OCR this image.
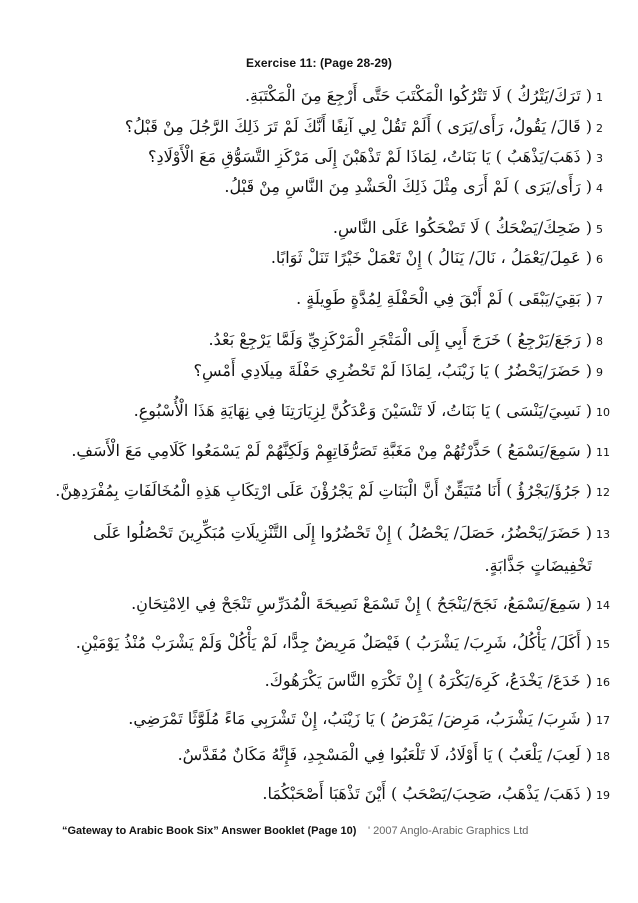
Exercise 11: (Page 28-29)
1
( تَرَكَ/يَتْرُكُ ) لَا تَتْرُكُوا الْمَكْتَبَ حَتَّى أَرْجِعَ مِنَ الْمَكْتَبَةِ.
2
( قَالَ/ يَقُولُ، رَأَى/يَرَى ) أَلَمْ تَقُلْ لِي آنِفًا أَنَّكَ لَمْ تَرَ ذَلِكَ الرَّجُلَ مِنْ قَبْلُ؟
3
( ذَهَبَ/يَذْهَبُ ) يَا بَنَاتُ، لِمَاذَا لَمْ تَذْهَبْنَ إِلَى مَرْكَزِ التَّسَوُّقِ مَعَ الْأَوْلَادِ؟
4
( رَأَى/يَرَى ) لَمْ أَرَى مِثْلَ ذَلِكَ الْحَشْدِ مِنَ النَّاسِ مِنْ قَبْلُ.
5
( ضَحِكَ/يَضْحَكُ ) لَا تَضْحَكُوا عَلَى النَّاسِ.
6
( عَمِلَ/يَعْمَلُ ، نَالَ/ يَنَالُ ) إِنْ تَعْمَلْ خَيْرًا تَنَلْ ثَوَابًا.
7
( بَقِيَ/يَبْقَى ) لَمْ أَبْقَ فِي الْحَفْلَةِ لِمُدَّةٍ طَوِيلَةٍ .
8
( رَجَعَ/يَرْجِعُ ) خَرَجَ أَبِي إِلَى الْمَتْجَرِ الْمَرْكَزِيِّ وَلَمَّا يَرْجِعْ بَعْدُ.
9
( حَضَرَ/يَحْضُرُ ) يَا زَيْنَبُ، لِمَاذَا لَمْ تَحْضُرِي حَفْلَةَ مِيلَادِي أَمْسِ؟
10
( نَسِيَ/يَنْسَى ) يَا بَنَاتُ، لَا تَنْسَيْنَ وَعْدَكُنَّ لِزِيَارَتِنَا فِي نِهَايَةِ هَذَا الْأُسْبُوعِ.
11
( سَمِعَ/يَسْمَعُ ) حَذَّرْتُهُمْ مِنْ مَغَبَّةِ تَصَرُّفَاتِهِمْ وَلَكِنَّهُمْ لَمْ يَسْمَعُوا كَلَامِي مَعَ الْأَسَفِ.
12
( جَرُؤَ/يَجْرُؤُ ) أَنَا مُتَيَقِّنٌ أَنَّ الْبَنَاتِ لَمْ يَجْرُؤْنَ عَلَى ارْتِكَابِ هَذِهِ الْمُخَالَفَاتِ بِمُفْرَدِهِنَّ.
13
( حَضَرَ/يَحْضُرُ، حَصَلَ/ يَحْصُلُ ) إِنْ تَحْضُرُوا إِلَى التَّنْزِيلَاتِ مُبَكِّرِينَ تَحْصُلُوا عَلَى
تَخْفِيضَاتٍ جَذَّابَةٍ.
14
( سَمِعَ/يَسْمَعُ، نَجَحَ/يَنْجَحُ ) إِنْ تَسْمَعْ نَصِيحَةَ الْمُدَرِّسِ تَنْجَحْ فِي الِامْتِحَانِ.
15
( أَكَلَ/ يَأْكُلُ، شَرِبَ/ يَشْرَبُ ) فَيْصَلٌ مَرِيضٌ جِدًّا، لَمْ يَأْكُلْ وَلَمْ يَشْرَبْ مُنْذُ يَوْمَيْنِ.
16
( خَدَعَ/ يَخْدَعُ، كَرِهَ/يَكْرَهُ ) إِنْ تَكْرَهِ النَّاسَ يَكْرَهُوكَ.
17
( شَرِبَ/ يَشْرَبُ، مَرِضَ/ يَمْرَضُ ) يَا زَيْنَبُ، إِنْ تَشْرَبِي مَاءً مُلَوَّثًا تَمْرَضِي.
18
( لَعِبَ/ يَلْعَبُ ) يَا أَوْلَادُ، لَا تَلْعَبُوا فِي الْمَسْجِدِ، فَإِنَّهُ مَكَانٌ مُقَدَّسٌ.
19
( ذَهَبَ/ يَذْهَبُ، صَحِبَ/يَصْحَبُ ) أَيْنَ تَذْهَبَا أَصْحَبْكُمَا.
“Gateway to Arabic Book Six” Answer Booklet (Page 10) ' 2007 Anglo-Arabic Graphics Ltd
